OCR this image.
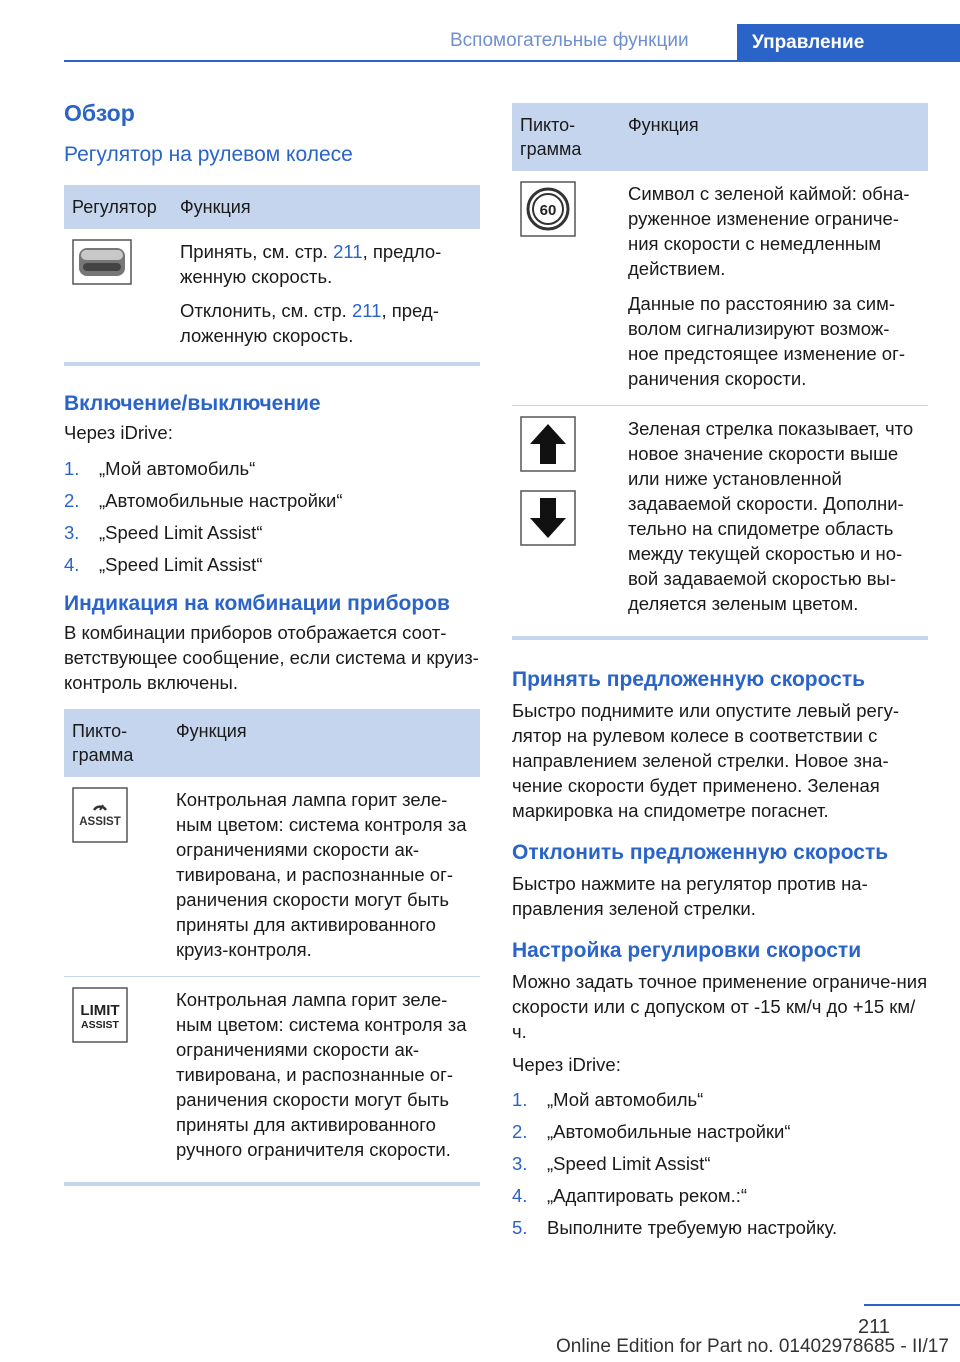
Вспомогательные функции	Управление
Обзор
Регулятор на рулевом колесе
Регулятор	Функция

Принять, см. стр. 211, предло-
женную скорость.
Отклонить, см. стр. 211, пред-
ложенную скорость.
Включение/выключение
Через iDrive:
1.	„Мой автомобиль“
2.	„Автомобильные настройки“
3.	„Speed Limit Assist“
4.	„Speed Limit Assist“
Индикация на комбинации приборов
В комбинации приборов отображается соот-ветствующее сообщение, если система и круиз-контроль включены.
Пикто-грамма	Функция

ASSIST	Контрольная лампа горит зеле-ным цветом: система контроля за ограничениями скорости ак-тивирована, и распознанные ог-раничения скорости могут быть приняты для активированного круиз-контроля.

LIMIT
ASSIST	Контрольная лампа горит зеле-ным цветом: система контроля за ограничениями скорости ак-тивирована, и распознанные ог-раничения скорости могут быть приняты для активированного ручного ограничителя скорости.
Пикто-грамма	Функция

60	Символ с зеленой каймой: обна-руженное изменение ограниче-ния скорости с немедленным действием.
Данные по расстоянию за сим-волом сигнализируют возмож-ное предстоящее изменение ог-раничения скорости.

	Зеленая стрелка показывает, что новое значение скорости выше или ниже установленной задаваемой скорости. Дополни-тельно на спидометре область между текущей скоростью и но-вой задаваемой скоростью вы-деляется зеленым цветом.
Принять предложенную скорость
Быстро поднимите или опустите левый регу-лятор на рулевом колесе в соответствии с направлением зеленой стрелки. Новое зна-чение скорости будет применено. Зеленая маркировка на спидометре погаснет.
Отклонить предложенную скорость
Быстро нажмите на регулятор против на-правления зеленой стрелки.
Настройка регулировки скорости
Можно задать точное применение ограниче-ния скорости или с допуском от -15 км/ч до +15 км/ч.
Через iDrive:
1.	„Мой автомобиль“
2.	„Автомобильные настройки“
3.	„Speed Limit Assist“
4.	„Адаптировать реком.:“
5.	Выполните требуемую настройку.
211
Online Edition for Part no. 01402978685 - II/17
